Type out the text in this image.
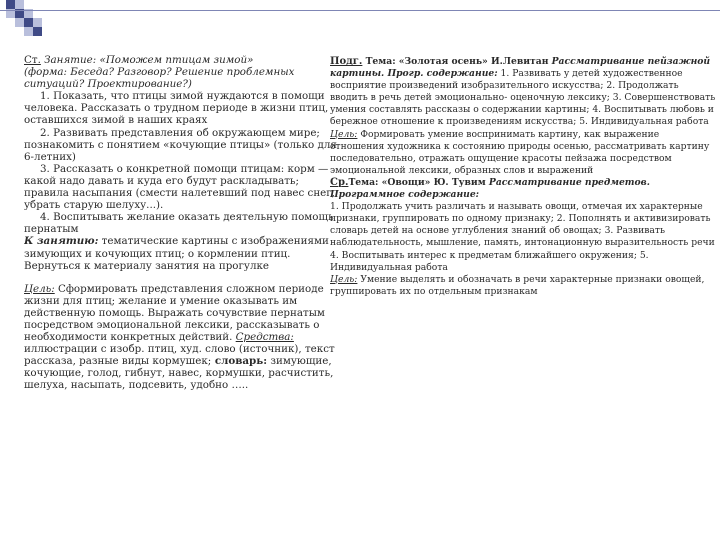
Ст. Занятие: «Поможем птицам зимой»

(форма: Беседа? Разговор? Решение проблемных ситуаций? Проектирование?)

1. Показать, что птицы зимой нуждаются в помощи человека. Рассказать о трудном периоде в жизни птиц, оставшихся зимой в наших краях

2. Развивать представления об окружающем мире; познакомить с понятием «кочующие птицы» (только для 6-летних)

3. Рассказать о конкретной помощи птицам: корм — какой надо давать и куда его будут раскладывать; правила насыпания (смести налетевший под навес снег, убрать старую шелуху...).

4. Воспитывать желание оказать деятельную помощь пернатым

К занятию: тематические картины с изображениями зимующих и кочующих птиц; о кормлении птиц. Вернуться к материалу занятия на прогулке

Цель: Сформировать представления сложном периоде жизни для птиц; желание и умение оказывать им действенную помощь. Выражать сочувствие пернатым посредством эмоциональной лексики, рассказывать о необходимости конкретных действий. Средства: иллюстрации с изобр. птиц, худ. слово (источник), текст рассказа, разные виды кормушек; словарь: зимующие, кочующие, голод, гибнут, навес, кормушки, расчистить, шелуха, насыпать, подсевить, удобно …..

Подг. Тема: «Золотая осень» И.Левитан Рассматривание пейзажной картины. Прогр. содержание: 1. Развивать у детей художественное восприятие произведений изобразительного искусства; 2. Продолжать вводить в речь детей эмоционально- оценочную лексику; 3. Совершенствовать умения составлять рассказы о содержании картины; 4. Воспитывать любовь и бережное отношение к произведениям искусства; 5. Индивидуальная работа

Цель: Формировать умение воспринимать картину, как выражение отношения художника к состоянию природы осенью, рассматривать картину последовательно, отражать ощущение красоты пейзажа посредством эмоциональной лексики, образных слов и выражений

Ср.Тема: «Овощи» Ю. Тувим Рассматривание предметов.

Программное содержание:

1. Продолжать учить различать и называть овощи, отмечая их характерные признаки, группировать по одному признаку; 2. Пополнять и активизировать словарь детей на основе углубления знаний об овощах; 3. Развивать наблюдательность, мышление, память, интонационную выразительность речи

4. Воспитывать интерес к предметам ближайшего окружения; 5. Индивидуальная работа

Цель: Умение выделять и обозначать в речи характерные признаки овощей, группировать их по отдельным признакам
